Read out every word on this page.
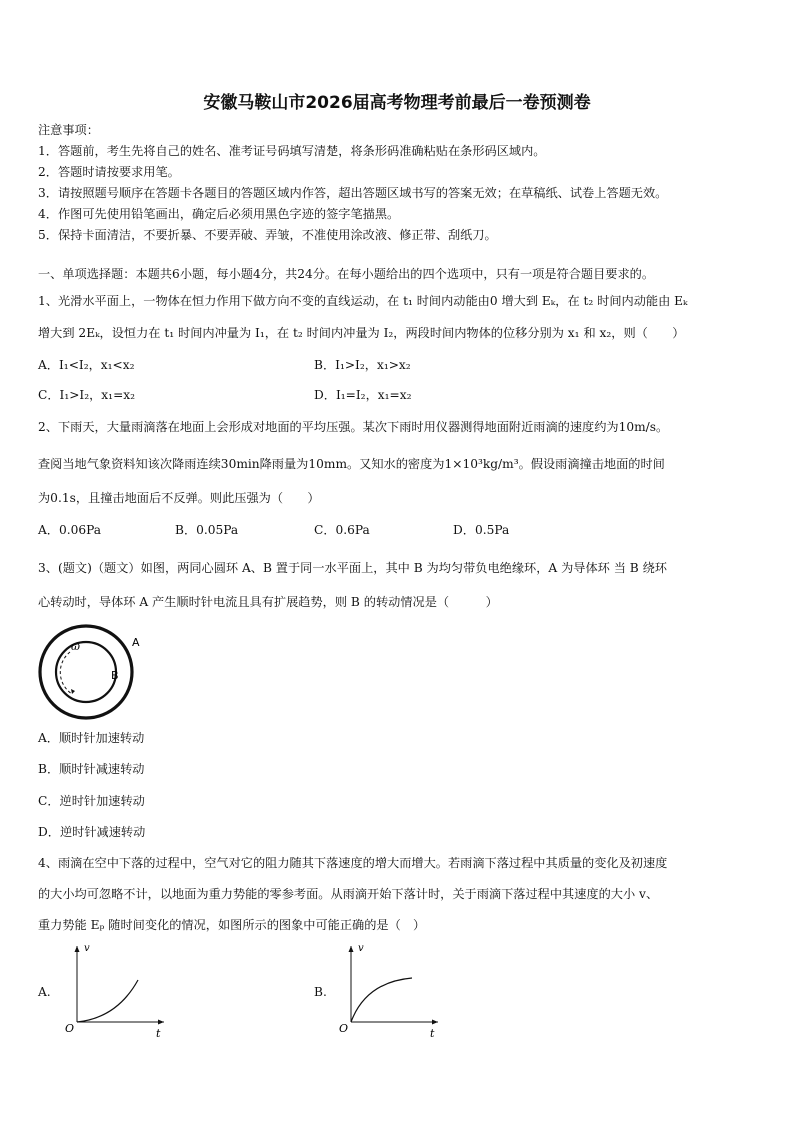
安徽马鞍山市2026届高考物理考前最后一卷预测卷
注意事项：
1．答题前，考生先将自己的姓名、准考证号码填写清楚，将条形码准确粘贴在条形码区域内。
2．答题时请按要求用笔。
3．请按照题号顺序在答题卡各题目的答题区域内作答，超出答题区域书写的答案无效；在草稿纸、试卷上答题无效。
4．作图可先使用铅笔画出，确定后必须用黑色字迹的签字笔描黑。
5．保持卡面清洁，不要折暴、不要弄破、弄皱，不准使用涂改液、修正带、刮纸刀。
一、单项选择题：本题共6小题，每小题4分，共24分。在每小题给出的四个选项中，只有一项是符合题目要求的。
1、光滑水平面上，一物体在恒力作用下做方向不变的直线运动，在 t₁ 时间内动能由0 增大到 Eₖ，在 t₂ 时间内动能由 Eₖ
增大到 2Eₖ，设恒力在 t₁ 时间内冲量为 I₁，在 t₂ 时间内冲量为 I₂，两段时间内物体的位移分别为 x₁ 和 x₂，则（　　）
A．I₁<I₂，x₁<x₂	B．I₁>I₂，x₁>x₂
C．I₁>I₂，x₁=x₂	D．I₁=I₂，x₁=x₂
2、下雨天，大量雨滴落在地面上会形成对地面的平均压强。某次下雨时用仪器测得地面附近雨滴的速度约为10m/s。
查阅当地气象资料知该次降雨连续30min降雨量为10mm。又知水的密度为1×10³kg/m³。假设雨滴撞击地面的时间
为0.1s，且撞击地面后不反弹。则此压强为（　　）
A．0.06Pa	B．0.05Pa	C．0.6Pa	D．0.5Pa
3、(题文)（题文）如图，两同心圆环 A、B 置于同一水平面上，其中 B 为均匀带负电绝缘环，A 为导体环 当 B 绕环
心转动时，导体环 A 产生顺时针电流且具有扩展趋势，则 B 的转动情况是（　　　）
ω	A
B
A．顺时针加速转动
B．顺时针减速转动
C．逆时针加速转动
D．逆时针减速转动
4、雨滴在空中下落的过程中，空气对它的阻力随其下落速度的增大而增大。若雨滴下落过程中其质量的变化及初速度
的大小均可忽略不计，以地面为重力势能的零参考面。从雨滴开始下落计时，关于雨滴下落过程中其速度的大小 v、
重力势能 Eₚ 随时间变化的情况，如图所示的图象中可能正确的是（　）
A.
v
t
O
B.
v
t
O
